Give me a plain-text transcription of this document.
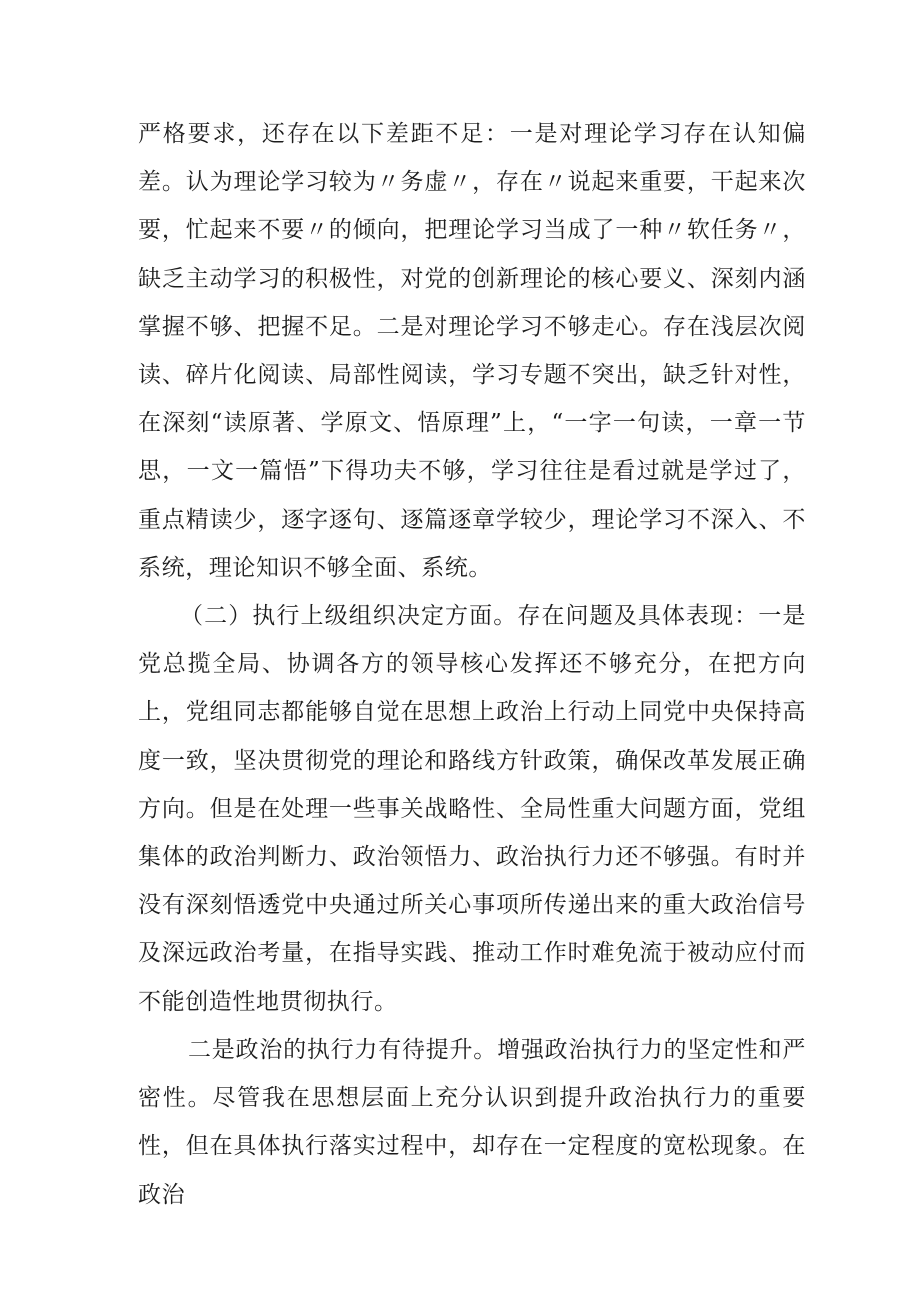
严格要求，还存在以下差距不足：一是对理论学习存在认知偏差。认为理论学习较为〃务虚〃，存在〃说起来重要，干起来次要，忙起来不要〃的倾向，把理论学习当成了一种〃软任务〃，缺乏主动学习的积极性，对党的创新理论的核心要义、深刻内涵掌握不够、把握不足。二是对理论学习不够走心。存在浅层次阅读、碎片化阅读、局部性阅读，学习专题不突出，缺乏针对性，在深刻“读原著、学原文、悟原理”上，“一字一句读，一章一节思，一文一篇悟”下得功夫不够，学习往往是看过就是学过了，重点精读少，逐字逐句、逐篇逐章学较少，理论学习不深入、不系统，理论知识不够全面、系统。

（二）执行上级组织决定方面。存在问题及具体表现：一是党总揽全局、协调各方的领导核心发挥还不够充分，在把方向上，党组同志都能够自觉在思想上政治上行动上同党中央保持高度一致，坚决贯彻党的理论和路线方针政策，确保改革发展正确方向。但是在处理一些事关战略性、全局性重大问题方面，党组集体的政治判断力、政治领悟力、政治执行力还不够强。有时并没有深刻悟透党中央通过所关心事项所传递出来的重大政治信号及深远政治考量，在指导实践、推动工作时难免流于被动应付而不能创造性地贯彻执行。

二是政治的执行力有待提升。增强政治执行力的坚定性和严密性。尽管我在思想层面上充分认识到提升政治执行力的重要性，但在具体执行落实过程中，却存在一定程度的宽松现象。在政治
